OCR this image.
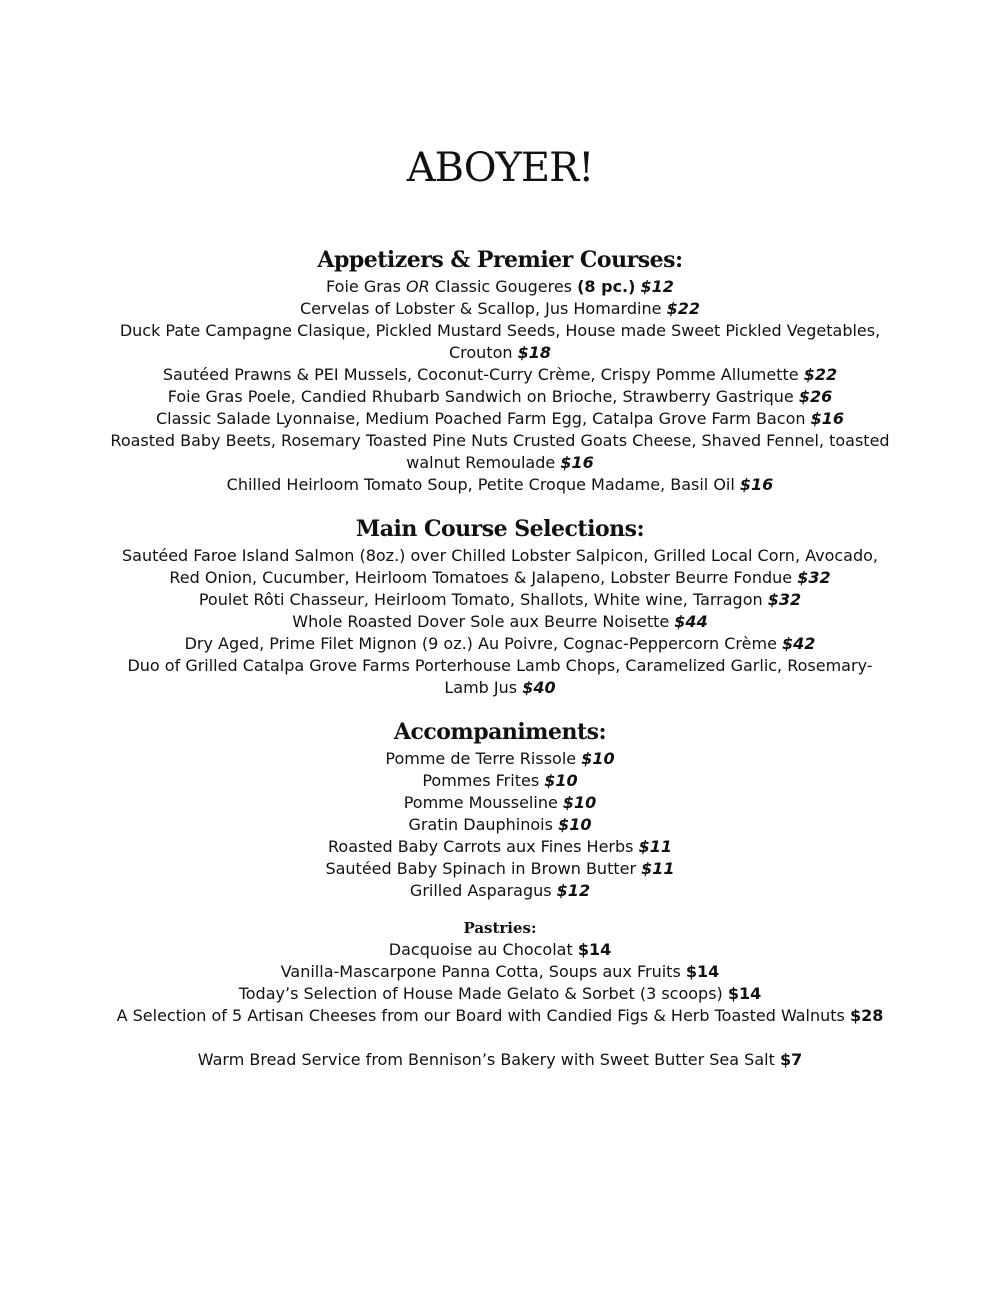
ABOYER!
Appetizers & Premier Courses:
Foie Gras OR Classic Gougeres (8 pc.) $12
Cervelas of Lobster & Scallop, Jus Homardine $22
Duck Pate Campagne Clasique, Pickled Mustard Seeds, House made Sweet Pickled Vegetables, Crouton $18
Sautéed Prawns & PEI Mussels, Coconut-Curry Crème, Crispy Pomme Allumette $22
Foie Gras Poele, Candied Rhubarb Sandwich on Brioche, Strawberry Gastrique $26
Classic Salade Lyonnaise, Medium Poached Farm Egg, Catalpa Grove Farm Bacon $16
Roasted Baby Beets, Rosemary Toasted Pine Nuts Crusted Goats Cheese, Shaved Fennel, toasted walnut Remoulade $16
Chilled Heirloom Tomato Soup, Petite Croque Madame, Basil Oil $16
Main Course Selections:
Sautéed Faroe Island Salmon (8oz.) over Chilled Lobster Salpicon, Grilled Local Corn, Avocado, Red Onion, Cucumber, Heirloom Tomatoes & Jalapeno, Lobster Beurre Fondue $32
Poulet Rôti Chasseur, Heirloom Tomato, Shallots, White wine, Tarragon $32
Whole Roasted Dover Sole aux Beurre Noisette $44
Dry Aged, Prime Filet Mignon (9 oz.) Au Poivre, Cognac-Peppercorn Crème $42
Duo of Grilled Catalpa Grove Farms Porterhouse Lamb Chops, Caramelized Garlic, Rosemary-Lamb Jus $40
Accompaniments:
Pomme de Terre Rissole $10
Pommes Frites $10
Pomme Mousseline $10
Gratin Dauphinois $10
Roasted Baby Carrots aux Fines Herbs $11
Sautéed Baby Spinach in Brown Butter $11
Grilled Asparagus $12
Pastries:
Dacquoise au Chocolat $14
Vanilla-Mascarpone Panna Cotta, Soups aux Fruits $14
Today’s Selection of House Made Gelato & Sorbet (3 scoops) $14
A Selection of 5 Artisan Cheeses from our Board with Candied Figs & Herb Toasted Walnuts $28

Warm Bread Service from Bennison’s Bakery with Sweet Butter Sea Salt $7
